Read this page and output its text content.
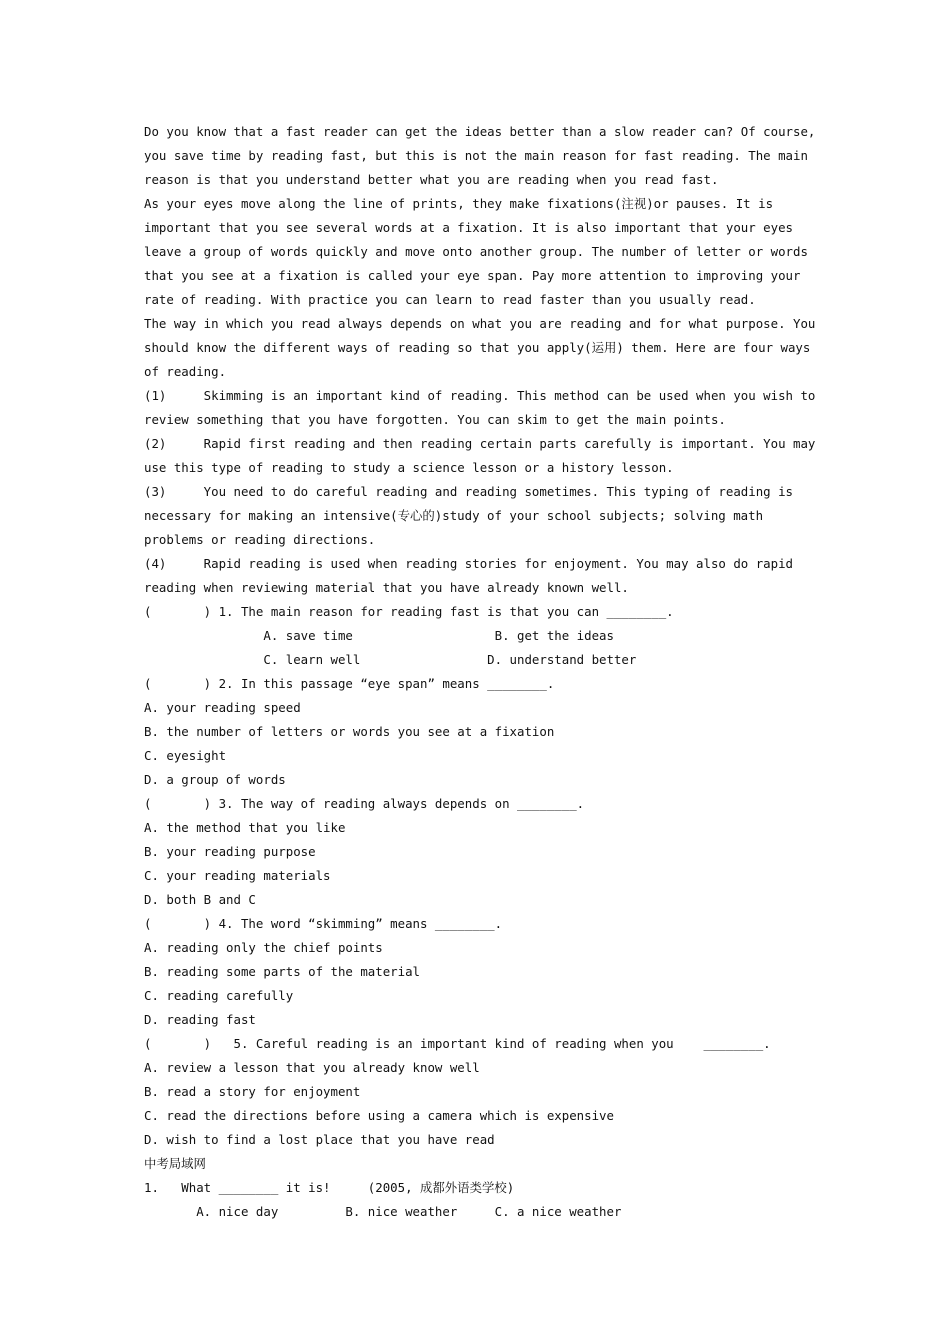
Do you know that a fast reader can get the ideas better than a slow reader can? Of course,
you save time by reading fast, but this is not the main reason for fast reading. The main
reason is that you understand better what you are reading when you read fast.
As your eyes move along the line of prints, they make fixations(注视)or pauses. It is
important that you see several words at a fixation. It is also important that your eyes
leave a group of words quickly and move onto another group. The number of letter or words
that you see at a fixation is called your eye span. Pay more attention to improving your
rate of reading. With practice you can learn to read faster than you usually read.
The way in which you read always depends on what you are reading and for what purpose. You
should know the different ways of reading so that you apply(运用) them. Here are four ways
of reading.
(1)     Skimming is an important kind of reading. This method can be used when you wish to
review something that you have forgotten. You can skim to get the main points.
(2)     Rapid first reading and then reading certain parts carefully is important. You may
use this type of reading to study a science lesson or a history lesson.
(3)     You need to do careful reading and reading sometimes. This typing of reading is
necessary for making an intensive(专心的)study of your school subjects; solving math
problems or reading directions.
(4)     Rapid reading is used when reading stories for enjoyment. You may also do rapid
reading when reviewing material that you have already known well.
(       ) 1. The main reason for reading fast is that you can ________.
A. save time                   B. get the ideas
C. learn well                 D. understand better
(       ) 2. In this passage “eye span” means ________.
A. your reading speed
B. the number of letters or words you see at a fixation
C. eyesight
D. a group of words
(       ) 3. The way of reading always depends on ________.
A. the method that you like
B. your reading purpose
C. your reading materials
D. both B and C
(       ) 4. The word “skimming” means ________.
A. reading only the chief points
B. reading some parts of the material
C. reading carefully
D. reading fast
(       )   5. Careful reading is an important kind of reading when you    ________.
A. review a lesson that you already know well
B. read a story for enjoyment
C. read the directions before using a camera which is expensive
D. wish to find a lost place that you have read
中考局域网
1.   What ________ it is!     (2005, 成都外语类学校)
A. nice day         B. nice weather     C. a nice weather
